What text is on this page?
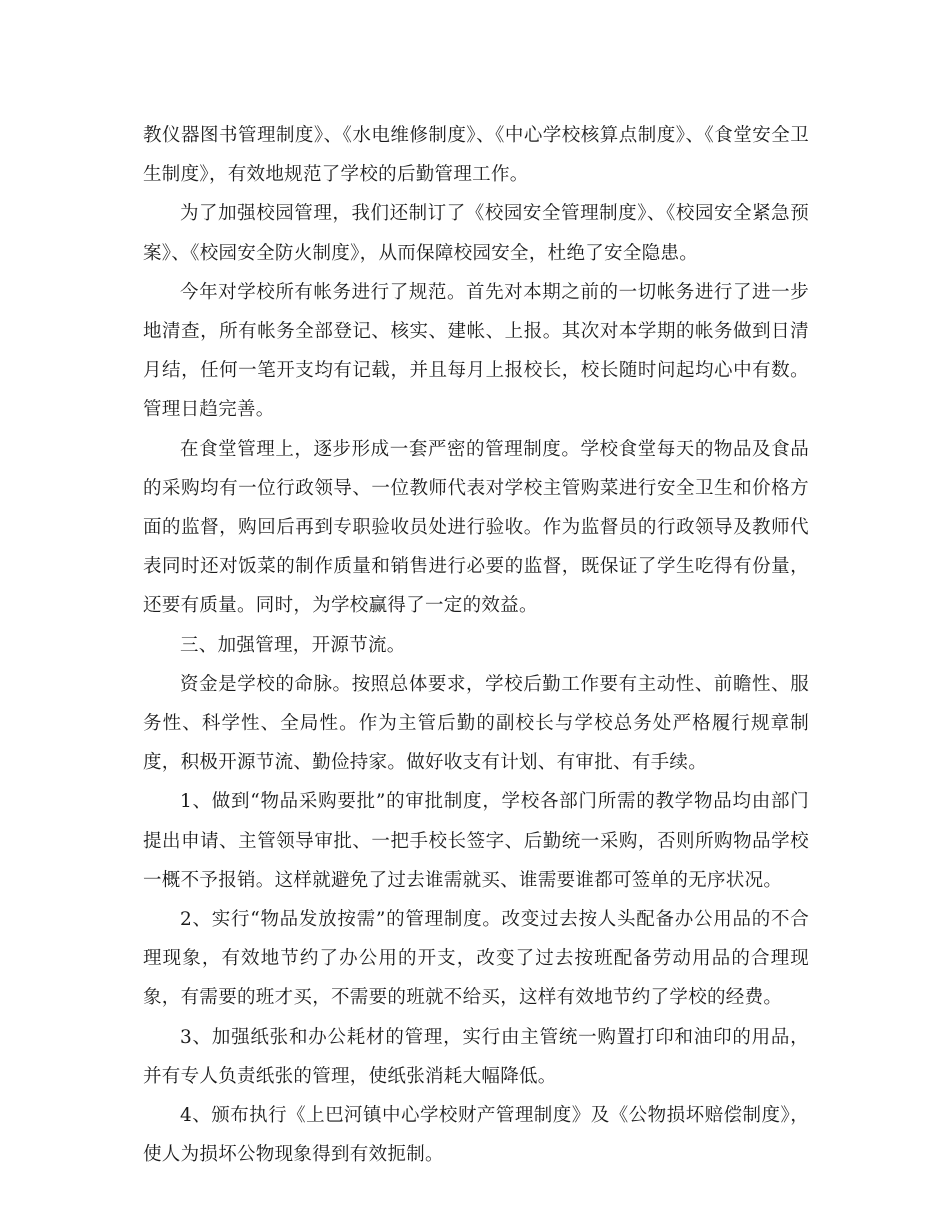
教仪器图书管理制度》、《水电维修制度》、《中心学校核算点制度》、《食堂安全卫生制度》，有效地规范了学校的后勤管理工作。

为了加强校园管理，我们还制订了《校园安全管理制度》、《校园安全紧急预案》、《校园安全防火制度》，从而保障校园安全，杜绝了安全隐患。

今年对学校所有帐务进行了规范。首先对本期之前的一切帐务进行了进一步地清查，所有帐务全部登记、核实、建帐、上报。其次对本学期的帐务做到日清月结，任何一笔开支均有记载，并且每月上报校长，校长随时问起均心中有数。管理日趋完善。

在食堂管理上，逐步形成一套严密的管理制度。学校食堂每天的物品及食品的采购均有一位行政领导、一位教师代表对学校主管购菜进行安全卫生和价格方面的监督，购回后再到专职验收员处进行验收。作为监督员的行政领导及教师代表同时还对饭菜的制作质量和销售进行必要的监督，既保证了学生吃得有份量，还要有质量。同时，为学校赢得了一定的效益。

三、加强管理，开源节流。

资金是学校的命脉。按照总体要求，学校后勤工作要有主动性、前瞻性、服务性、科学性、全局性。作为主管后勤的副校长与学校总务处严格履行规章制度，积极开源节流、勤俭持家。做好收支有计划、有审批、有手续。

1、做到“物品采购要批”的审批制度，学校各部门所需的教学物品均由部门提出申请、主管领导审批、一把手校长签字、后勤统一采购，否则所购物品学校一概不予报销。这样就避免了过去谁需就买、谁需要谁都可签单的无序状况。

2、实行“物品发放按需”的管理制度。改变过去按人头配备办公用品的不合理现象，有效地节约了办公用的开支，改变了过去按班配备劳动用品的合理现象，有需要的班才买，不需要的班就不给买，这样有效地节约了学校的经费。

3、加强纸张和办公耗材的管理，实行由主管统一购置打印和油印的用品，并有专人负责纸张的管理，使纸张消耗大幅降低。

4、颁布执行《上巴河镇中心学校财产管理制度》及《公物损坏赔偿制度》，使人为损坏公物现象得到有效扼制。
